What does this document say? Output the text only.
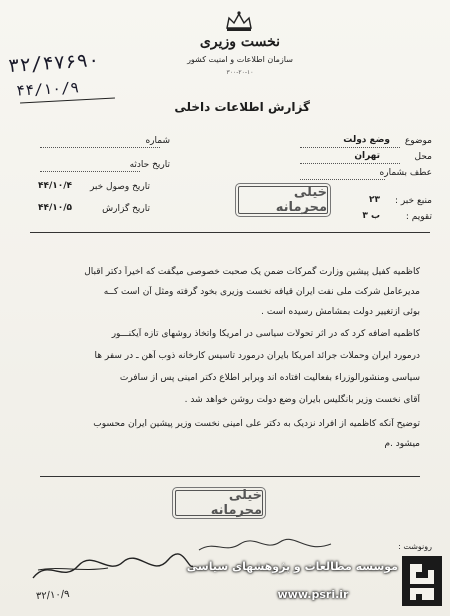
۳۲/۴۷۶۹۰
۴۴/۱۰/۹
نخست وزیری
سازمان اطلاعات و امنیت کشور
۳۰۰-۲۰-۱۰
گزارش اطلاعات داخلی
موضوع
وضع دولت
محل
تهران
عطف بشماره
منبع خبر :
۲۳
تقویم :
ب ۳
شماره
تاریخ حادثه
تاریخ وصول خبر
۴۴/۱۰/۴
تاریخ گزارش
۴۴/۱۰/۵
خیلی محرمانه
کاظمیه کفیل پیشین وزارت گمرکات ضمن یک صحبت خصوصی میگفت که اخیراً دکتر اقبال
مدیرعامل شرکت ملی نفت ایران قیافه نخست وزیری بخود گرفته ومثل آن است کــه
بوئی ازتغییر دولت بمشامش رسیده است .
کاظمیه اضافه کرد که در اثر تحولات سیاسی در امریکا واتخاذ روشهای تازه آیکنـــور
درمورد ایران وحملات جرائد امریکا بایران درمورد تاسیس کارخانه ذوب آهن ـ در سفر ها
سیاسی ومنشورالوزراء بفعالیت افتاده اند وبرابر اطلاع دکتر امینی پس از سافرت
آقای نخست وزیر بانگلیس بایران وضع دولت روشن خواهد شد .
توضیح آنکه کاظمیه از افراد نزدیک به دکتر علی امینی نخست وزیر پیشین ایران محسوب
میشود .م
خیلی محرمانه
رونوشت :
۳۲/۱۰/۹
موسسه مطالعات و پژوهشهای سیاسی
www.psri.ir
